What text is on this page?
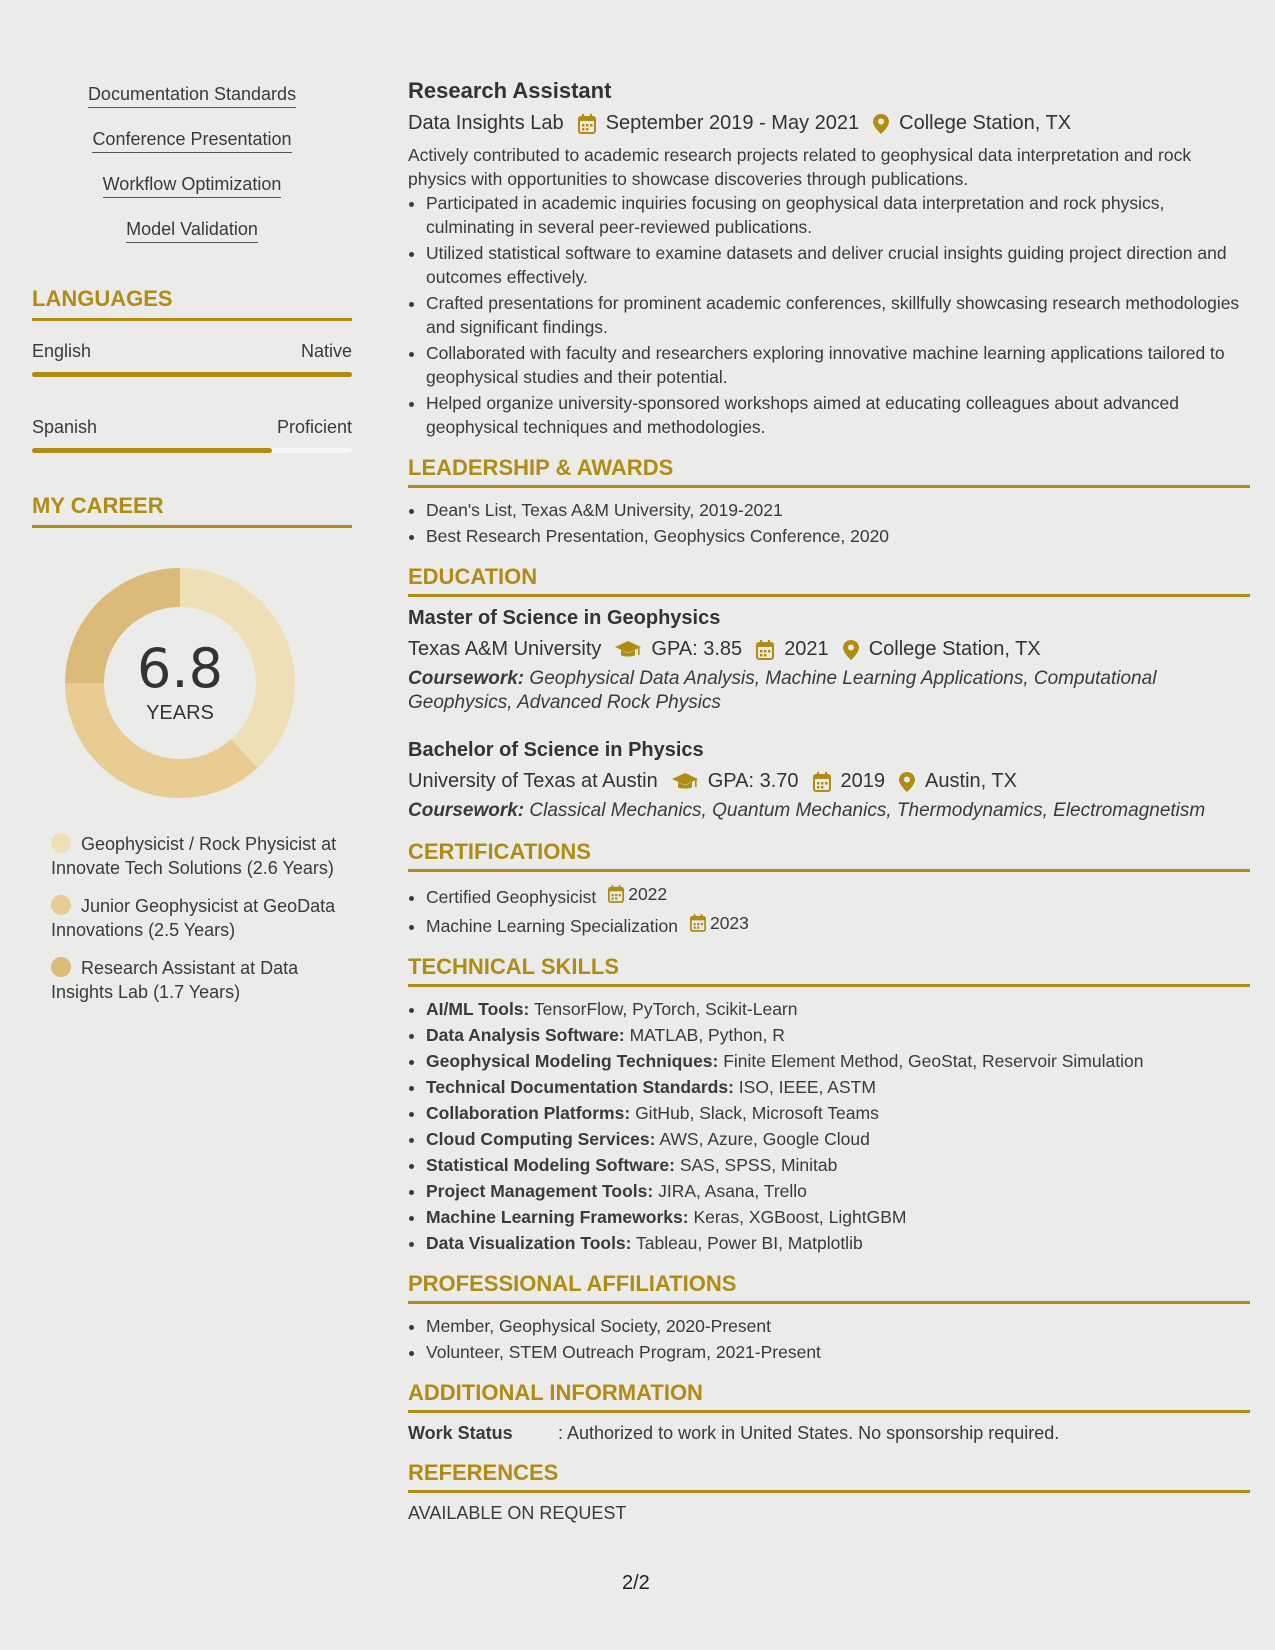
Documentation Standards
Conference Presentation
Workflow Optimization
Model Validation
LANGUAGES
English	Native
Spanish	Proficient
MY CAREER
6.8
YEARS
Geophysicist / Rock Physicist at Innovate Tech Solutions (2.6 Years)
Junior Geophysicist at GeoData Innovations (2.5 Years)
Research Assistant at Data Insights Lab (1.7 Years)
Research Assistant
Data Insights Lab September 2019 - May 2021 College Station, TX
Actively contributed to academic research projects related to geophysical data interpretation and rock physics with opportunities to showcase discoveries through publications.
• Participated in academic inquiries focusing on geophysical data interpretation and rock physics, culminating in several peer-reviewed publications.
• Utilized statistical software to examine datasets and deliver crucial insights guiding project direction and outcomes effectively.
• Crafted presentations for prominent academic conferences, skillfully showcasing research methodologies and significant findings.
• Collaborated with faculty and researchers exploring innovative machine learning applications tailored to geophysical studies and their potential.
• Helped organize university-sponsored workshops aimed at educating colleagues about advanced geophysical techniques and methodologies.
LEADERSHIP & AWARDS
• Dean's List, Texas A&M University, 2019-2021
• Best Research Presentation, Geophysics Conference, 2020
EDUCATION
Master of Science in Geophysics
Texas A&M University	GPA: 3.85 2021 College Station, TX
Coursework: Geophysical Data Analysis, Machine Learning Applications, Computational Geophysics, Advanced Rock Physics
Bachelor of Science in Physics
University of Texas at Austin	GPA: 3.70 2019 Austin, TX
Coursework: Classical Mechanics, Quantum Mechanics, Thermodynamics, Electromagnetism
CERTIFICATIONS
• Certified Geophysicist 2022
• Machine Learning Specialization 2023
TECHNICAL SKILLS
• AI/ML Tools: TensorFlow, PyTorch, Scikit-Learn
• Data Analysis Software: MATLAB, Python, R
• Geophysical Modeling Techniques: Finite Element Method, GeoStat, Reservoir Simulation
• Technical Documentation Standards: ISO, IEEE, ASTM
• Collaboration Platforms: GitHub, Slack, Microsoft Teams
• Cloud Computing Services: AWS, Azure, Google Cloud
• Statistical Modeling Software: SAS, SPSS, Minitab
• Project Management Tools: JIRA, Asana, Trello
• Machine Learning Frameworks: Keras, XGBoost, LightGBM
• Data Visualization Tools: Tableau, Power BI, Matplotlib
PROFESSIONAL AFFILIATIONS
• Member, Geophysical Society, 2020-Present
• Volunteer, STEM Outreach Program, 2021-Present
ADDITIONAL INFORMATION
Work Status	: Authorized to work in United States. No sponsorship required.
REFERENCES
AVAILABLE ON REQUEST
2/2
